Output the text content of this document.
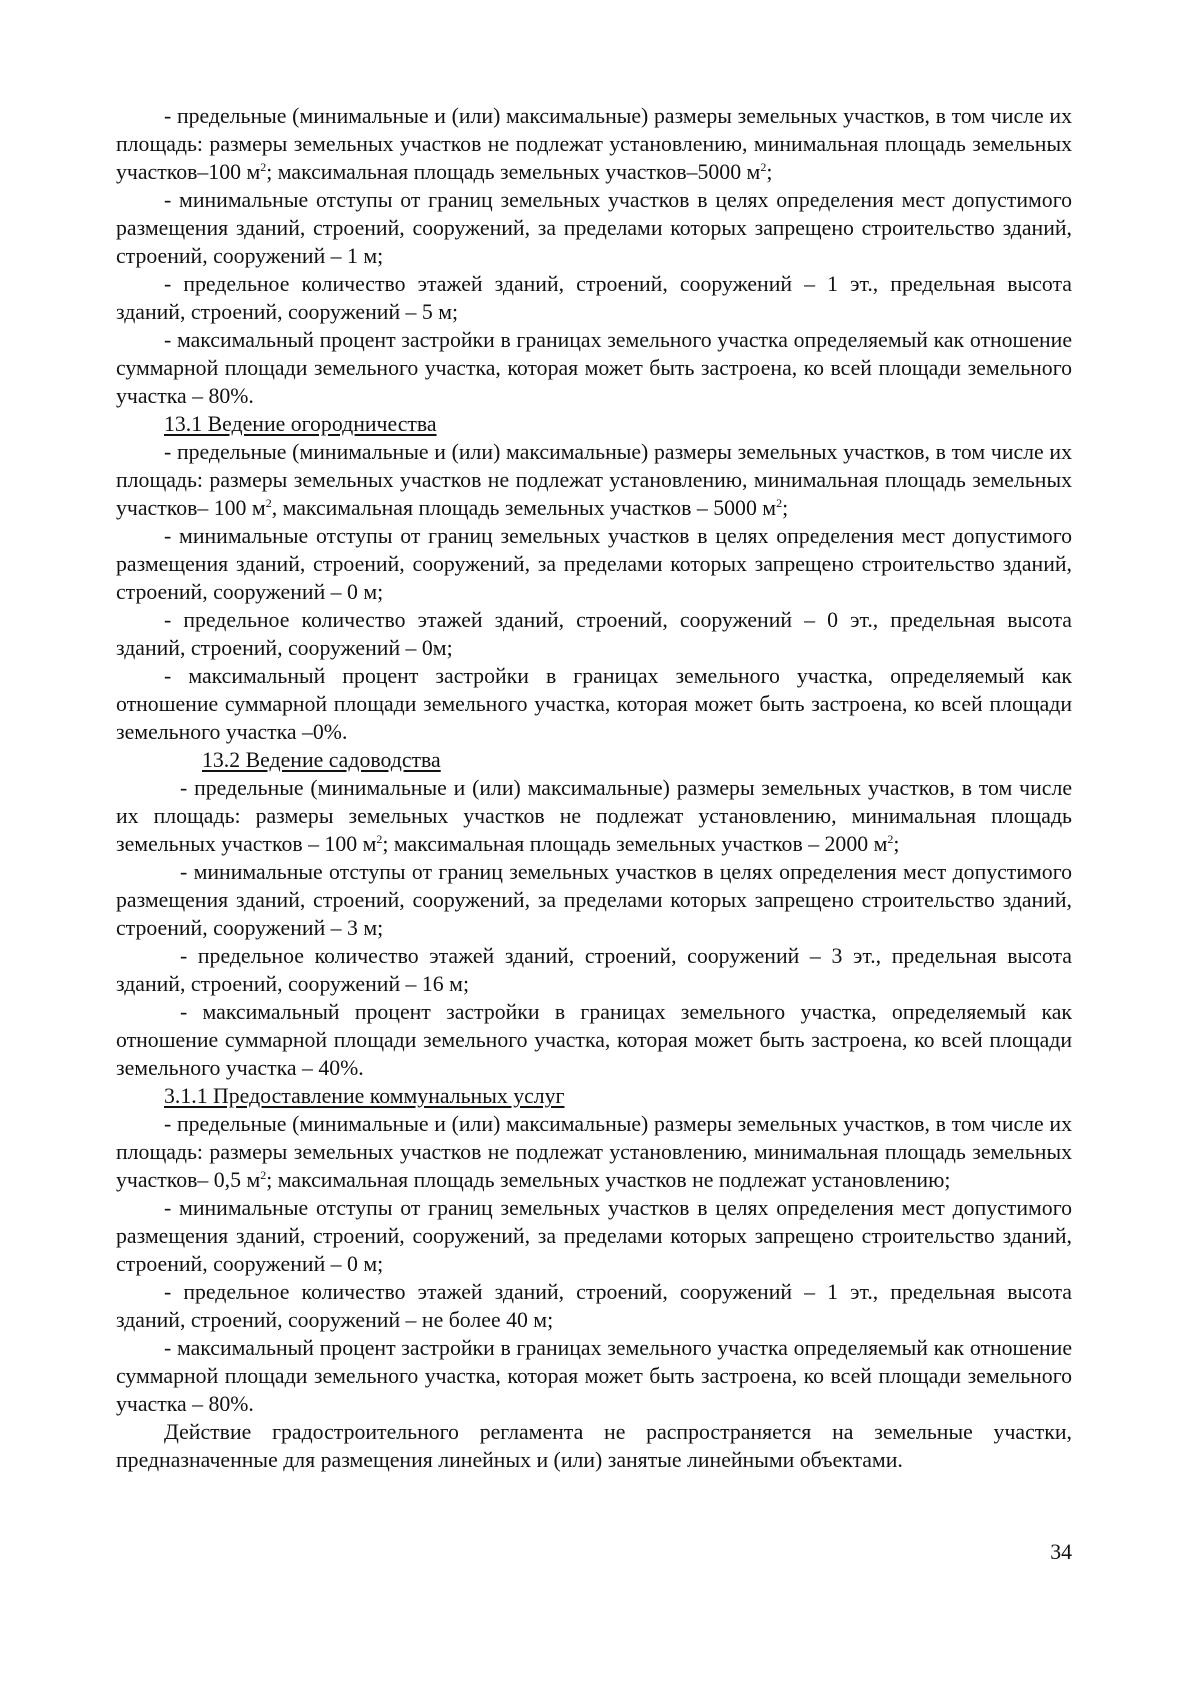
- предельные (минимальные и (или) максимальные) размеры земельных участков, в том числе их площадь: размеры земельных участков не подлежат установлению, минимальная площадь земельных участков–100 $м^2$; максимальная площадь земельных участков–5000 $м^2$;

- минимальные отступы от границ земельных участков в целях определения мест допустимого размещения зданий, строений, сооружений, за пределами которых запрещено строительство зданий, строений, сооружений – 1 м;

- предельное количество этажей зданий, строений, сооружений – 1 эт., предельная высота зданий, строений, сооружений – 5 м;

- максимальный процент застройки в границах земельного участка определяемый как отношение суммарной площади земельного участка, которая может быть застроена, ко всей площади земельного участка – 80%.

13.1 Ведение огородничества

- предельные (минимальные и (или) максимальные) размеры земельных участков, в том числе их площадь: размеры земельных участков не подлежат установлению, минимальная площадь земельных участков– 100 $м^2$, максимальная площадь земельных участков – 5000 $м^2$;

- минимальные отступы от границ земельных участков в целях определения мест допустимого размещения зданий, строений, сооружений, за пределами которых запрещено строительство зданий, строений, сооружений – 0 м;

- предельное количество этажей зданий, строений, сооружений – 0 эт., предельная высота зданий, строений, сооружений – 0м;

- максимальный процент застройки в границах земельного участка, определяемый как отношение суммарной площади земельного участка, которая может быть застроена, ко всей площади земельного участка –0%.

13.2 Ведение садоводства

- предельные (минимальные и (или) максимальные) размеры земельных участков, в том числе их площадь: размеры земельных участков не подлежат установлению, минимальная площадь земельных участков – 100 $м^2$; максимальная площадь земельных участков – 2000 $м^2$;

- минимальные отступы от границ земельных участков в целях определения мест допустимого размещения зданий, строений, сооружений, за пределами которых запрещено строительство зданий, строений, сооружений – 3 м;

- предельное количество этажей зданий, строений, сооружений – 3 эт., предельная высота зданий, строений, сооружений – 16 м;

- максимальный процент застройки в границах земельного участка, определяемый как отношение суммарной площади земельного участка, которая может быть застроена, ко всей площади земельного участка – 40%.

3.1.1 Предоставление коммунальных услуг

- предельные (минимальные и (или) максимальные) размеры земельных участков, в том числе их площадь: размеры земельных участков не подлежат установлению, минимальная площадь земельных участков– 0,5 $м^2$; максимальная площадь земельных участков не подлежат установлению;

- минимальные отступы от границ земельных участков в целях определения мест допустимого размещения зданий, строений, сооружений, за пределами которых запрещено строительство зданий, строений, сооружений – 0 м;

- предельное количество этажей зданий, строений, сооружений – 1 эт., предельная высота зданий, строений, сооружений – не более 40 м;

- максимальный процент застройки в границах земельного участка определяемый как отношение суммарной площади земельного участка, которая может быть застроена, ко всей площади земельного участка – 80%.

Действие градостроительного регламента не распространяется на земельные участки, предназначенные для размещения линейных и (или) занятые линейными объектами.

34
